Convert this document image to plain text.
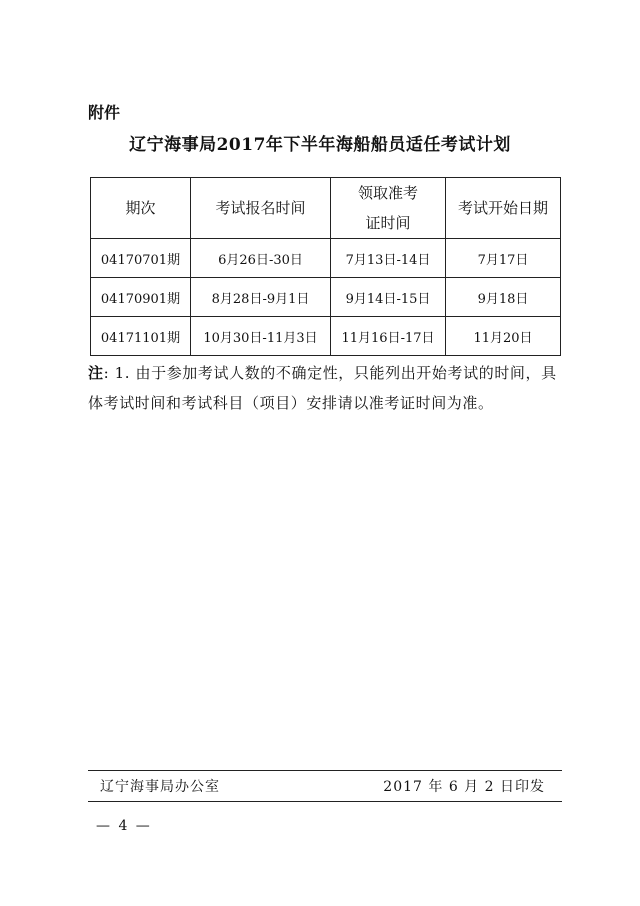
附件
辽宁海事局2017年下半年海船船员适任考试计划
期次	考试报名时间	领取准考证时间	考试开始日期
04170701期	6月26日-30日	7月13日-14日	7月17日
04170901期	8月28日-9月1日	9月14日-15日	9月18日
04171101期	10月30日-11月3日	11月16日-17日	11月20日
注: 1. 由于参加考试人数的不确定性，只能列出开始考试的时间，具体考试时间和考试科目（项目）安排请以准考证时间为准。
辽宁海事局办公室	2017 年 6 月 2 日印发
— 4 —
